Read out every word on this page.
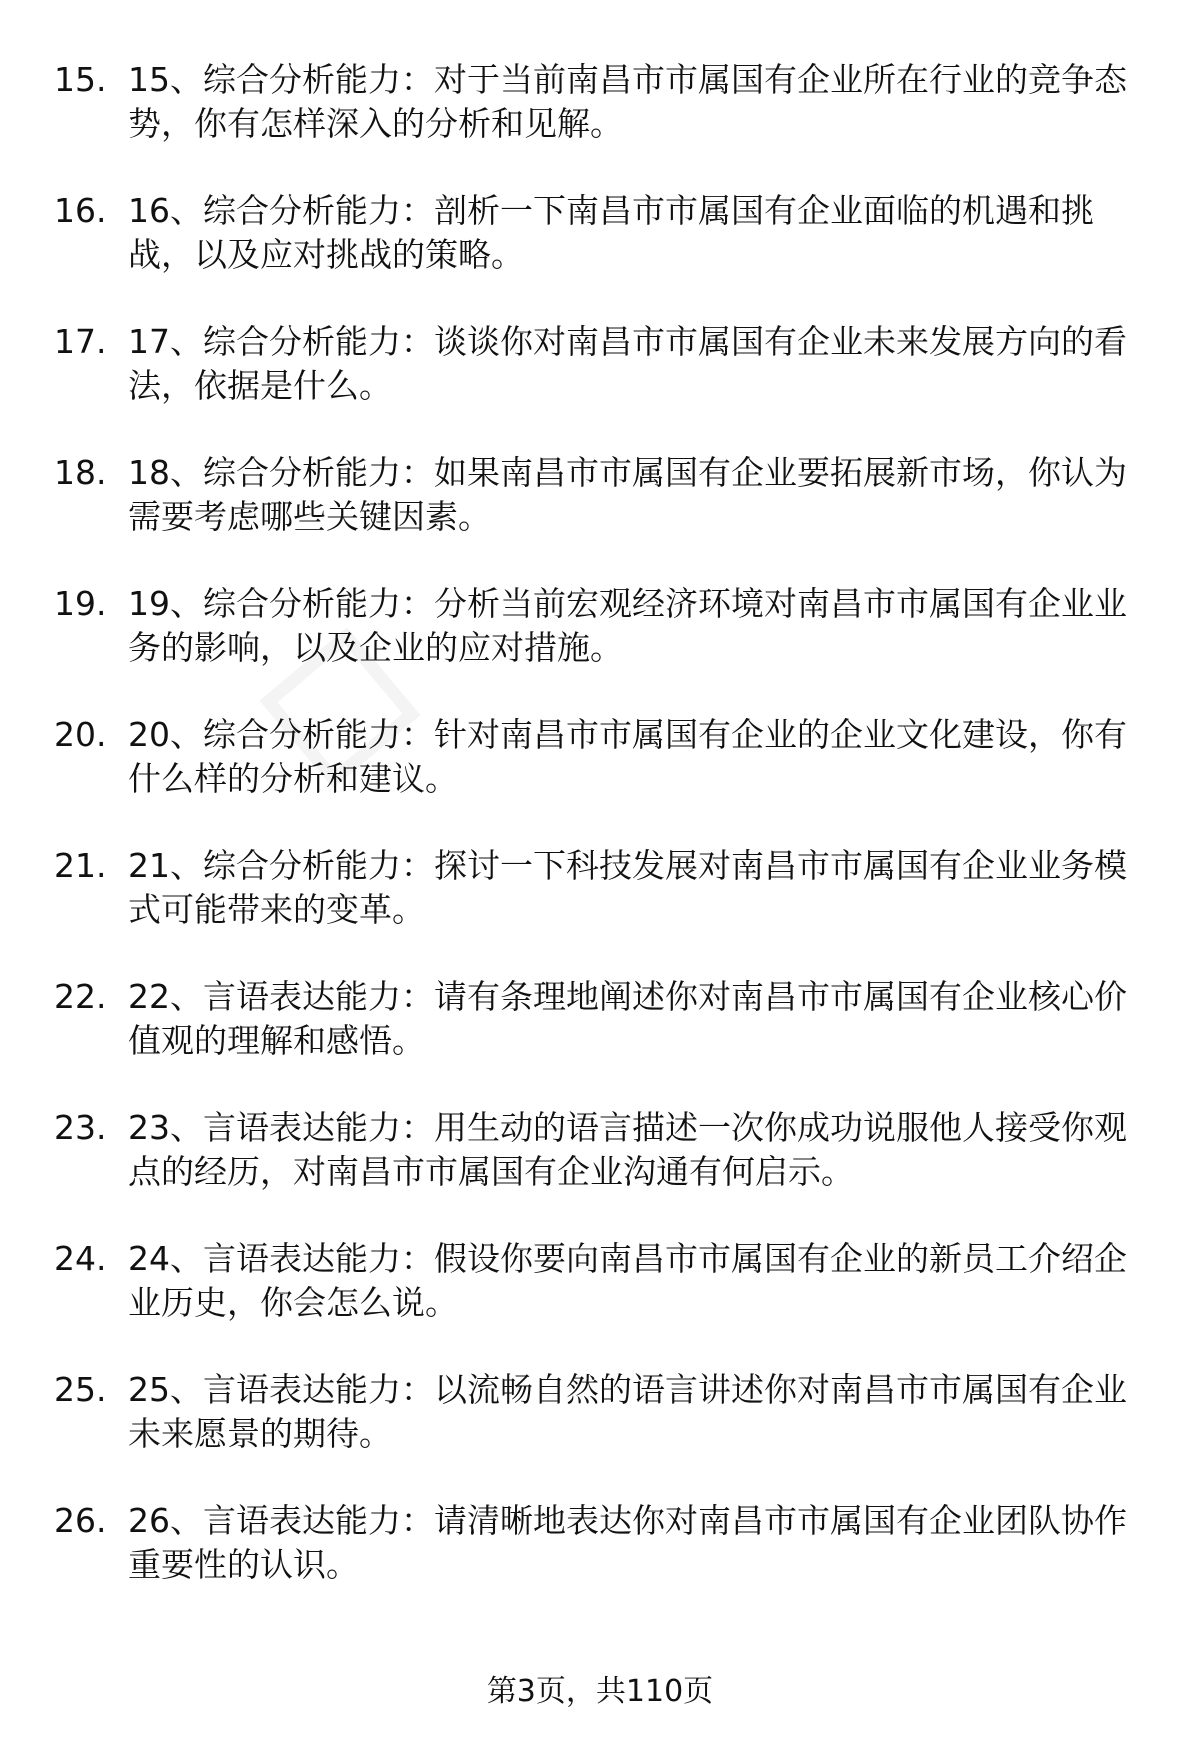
15. 15、综合分析能力：对于当前南昌市市属国有企业所在行业的竞争态势，你有怎样深入的分析和见解。
16. 16、综合分析能力：剖析一下南昌市市属国有企业面临的机遇和挑战，以及应对挑战的策略。
17. 17、综合分析能力：谈谈你对南昌市市属国有企业未来发展方向的看法，依据是什么。
18. 18、综合分析能力：如果南昌市市属国有企业要拓展新市场，你认为需要考虑哪些关键因素。
19. 19、综合分析能力：分析当前宏观经济环境对南昌市市属国有企业业务的影响，以及企业的应对措施。
20. 20、综合分析能力：针对南昌市市属国有企业的企业文化建设，你有什么样的分析和建议。
21. 21、综合分析能力：探讨一下科技发展对南昌市市属国有企业业务模式可能带来的变革。
22. 22、言语表达能力：请有条理地阐述你对南昌市市属国有企业核心价值观的理解和感悟。
23. 23、言语表达能力：用生动的语言描述一次你成功说服他人接受你观点的经历，对南昌市市属国有企业沟通有何启示。
24. 24、言语表达能力：假设你要向南昌市市属国有企业的新员工介绍企业历史，你会怎么说。
25. 25、言语表达能力：以流畅自然的语言讲述你对南昌市市属国有企业未来愿景的期待。
26. 26、言语表达能力：请清晰地表达你对南昌市市属国有企业团队协作重要性的认识。
第3页，共110页
